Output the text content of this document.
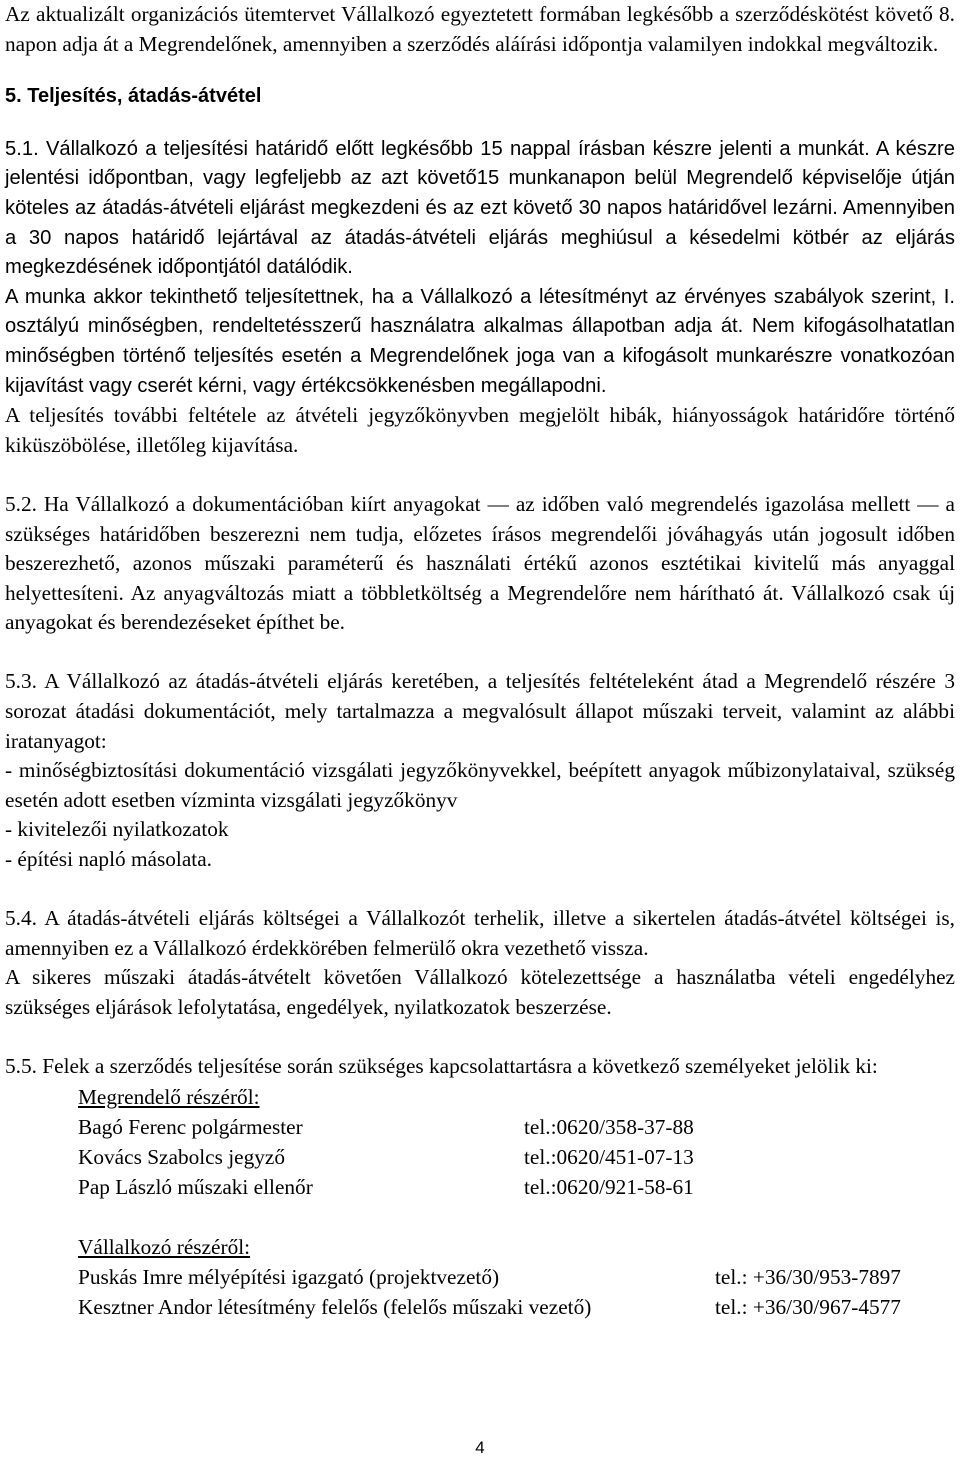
Az aktualizált organizációs ütemtervet Vállalkozó egyeztetett formában legkésőbb a szerződéskötést követő 8. napon adja át a Megrendelőnek, amennyiben a szerződés aláírási időpontja valamilyen indokkal megváltozik.

5. Teljesítés, átadás-átvétel

5.1. Vállalkozó a teljesítési határidő előtt legkésőbb 15 nappal írásban készre jelenti a munkát. A készre jelentési időpontban, vagy legfeljebb az azt követő15 munkanapon belül Megrendelő képviselője útján köteles az átadás-átvételi eljárást megkezdeni és az ezt követő 30 napos határidővel lezárni. Amennyiben a 30 napos határidő lejártával az átadás-átvételi eljárás meghiúsul a késedelmi kötbér az eljárás megkezdésének időpontjától datálódik.

A munka akkor tekinthető teljesítettnek, ha a Vállalkozó a létesítményt az érvényes szabályok szerint, I. osztályú minőségben, rendeltetésszerű használatra alkalmas állapotban adja át. Nem kifogásolhatatlan minőségben történő teljesítés esetén a Megrendelőnek joga van a kifogásolt munkarészre vonatkozóan kijavítást vagy cserét kérni, vagy értékcsökkenésben megállapodni.

A teljesítés további feltétele az átvételi jegyzőkönyvben megjelölt hibák, hiányosságok határidőre történő kiküszöbölése, illetőleg kijavítása.

5.2. Ha Vállalkozó a dokumentációban kiírt anyagokat — az időben való megrendelés igazolása mellett — a szükséges határidőben beszerezni nem tudja, előzetes írásos megrendelői jóváhagyás után jogosult időben beszerezhető, azonos műszaki paraméterű és használati értékű azonos esztétikai kivitelű más anyaggal helyettesíteni. Az anyagváltozás miatt a többletköltség a Megrendelőre nem hárítható át. Vállalkozó csak új anyagokat és berendezéseket építhet be.

5.3. A Vállalkozó az átadás-átvételi eljárás keretében, a teljesítés feltételeként átad a Megrendelő részére 3 sorozat átadási dokumentációt, mely tartalmazza a megvalósult állapot műszaki terveit, valamint az alábbi iratanyagot:

- minőségbiztosítási dokumentáció vizsgálati jegyzőkönyvekkel, beépített anyagok műbizonylataival, szükség esetén adott esetben vízminta vizsgálati jegyzőkönyv

- kivitelezői nyilatkozatok

- építési napló másolata.

5.4. A átadás-átvételi eljárás költségei a Vállalkozót terhelik, illetve a sikertelen átadás-átvétel költségei is, amennyiben ez a Vállalkozó érdekkörében felmerülő okra vezethető vissza.

A sikeres műszaki átadás-átvételt követően Vállalkozó kötelezettsége a használatba vételi engedélyhez szükséges eljárások lefolytatása, engedélyek, nyilatkozatok beszerzése.

5.5. Felek a szerződés teljesítése során szükséges kapcsolattartásra a következő személyeket jelölik ki:

Megrendelő részéről:
Bagó Ferenc polgármester	tel.:0620/358-37-88
Kovács Szabolcs jegyző	tel.:0620/451-07-13
Pap László műszaki ellenőr	tel.:0620/921-58-61
Vállalkozó részéről:
Puskás Imre mélyépítési igazgató (projektvezető)	tel.: +36/30/953-7897
Kesztner Andor létesítmény felelős (felelős műszaki vezető)	tel.: +36/30/967-4577
4
